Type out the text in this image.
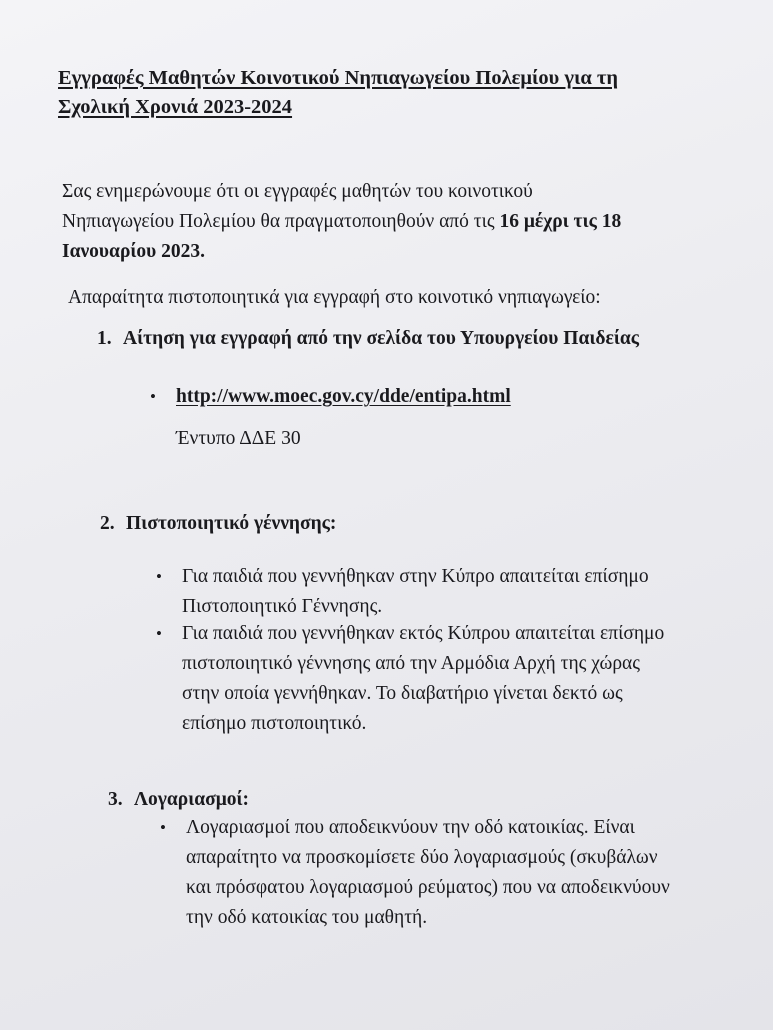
Εγγραφές Μαθητών Κοινοτικού Νηπιαγωγείου Πολεμίου για τη
Σχολική Χρονιά 2023-2024

Σας ενημερώνουμε ότι οι εγγραφές μαθητών του κοινοτικού
Νηπιαγωγείου Πολεμίου θα πραγματοποιηθούν από τις 16 μέχρι τις 18
Ιανουαρίου 2023.

Απαραίτητα πιστοποιητικά για εγγραφή στο κοινοτικό νηπιαγωγείο:

1. Αίτηση για εγγραφή από την σελίδα του Υπουργείου Παιδείας
• http://www.moec.gov.cy/dde/entipa.html
Έντυπο ΔΔΕ 30
2. Πιστοποιητικό γέννησης:
• Για παιδιά που γεννήθηκαν στην Κύπρο απαιτείται επίσημο
Πιστοποιητικό Γέννησης.
• Για παιδιά που γεννήθηκαν εκτός Κύπρου απαιτείται επίσημο
πιστοποιητικό γέννησης από την Αρμόδια Αρχή της χώρας
στην οποία γεννήθηκαν. Το διαβατήριο γίνεται δεκτό ως
επίσημο πιστοποιητικό.
3. Λογαριασμοί:
• Λογαριασμοί που αποδεικνύουν την οδό κατοικίας. Είναι
απαραίτητο να προσκομίσετε δύο λογαριασμούς (σκυβάλων
και πρόσφατου λογαριασμού ρεύματος) που να αποδεικνύουν
την οδό κατοικίας του μαθητή.
